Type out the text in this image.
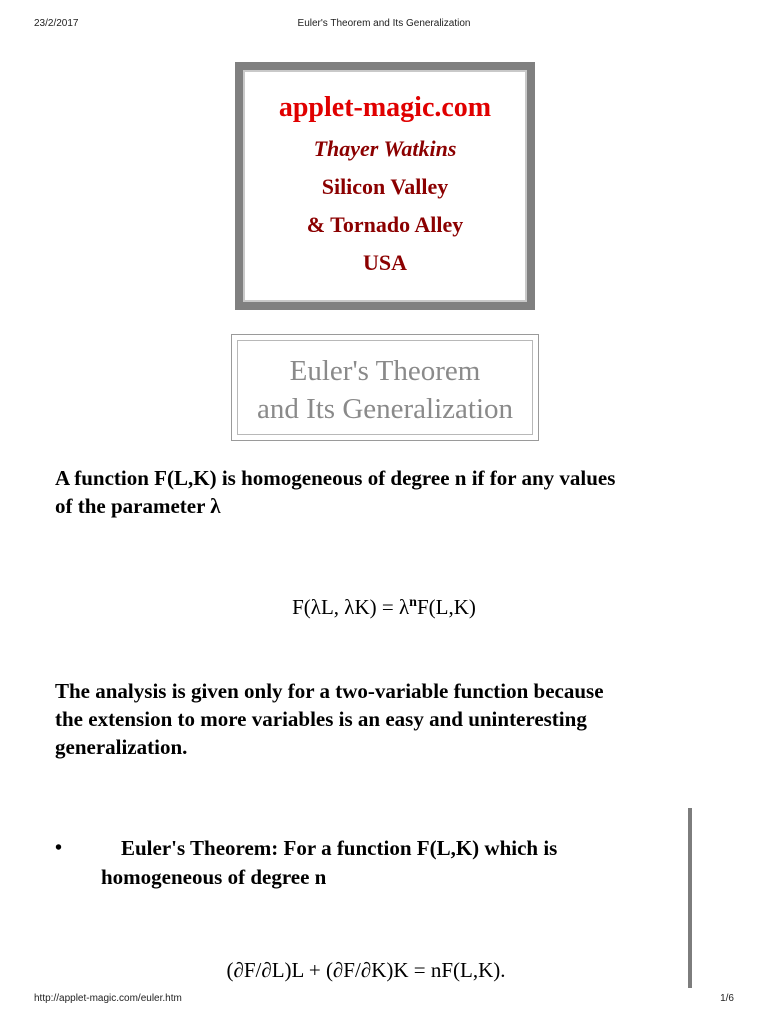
23/2/2017	Euler's Theorem and Its Generalization
applet-magic.com
Thayer Watkins
Silicon Valley
& Tornado Alley
USA
Euler's Theorem
and Its Generalization
A function F(L,K) is homogeneous of degree n if for any values
of the parameter λ
F(λL, $\lambda K) = \lambda^nF(L,K)$
The analysis is given only for a two-variable function because
the extension to more variables is an easy and uninteresting
generalization.
•	Euler's Theorem: For a function F(L,K) which is
homogeneous of degree n
(∂F/∂L)L + (∂F/∂K)K = nF(L,K).
http://applet-magic.com/euler.htm	1/6
